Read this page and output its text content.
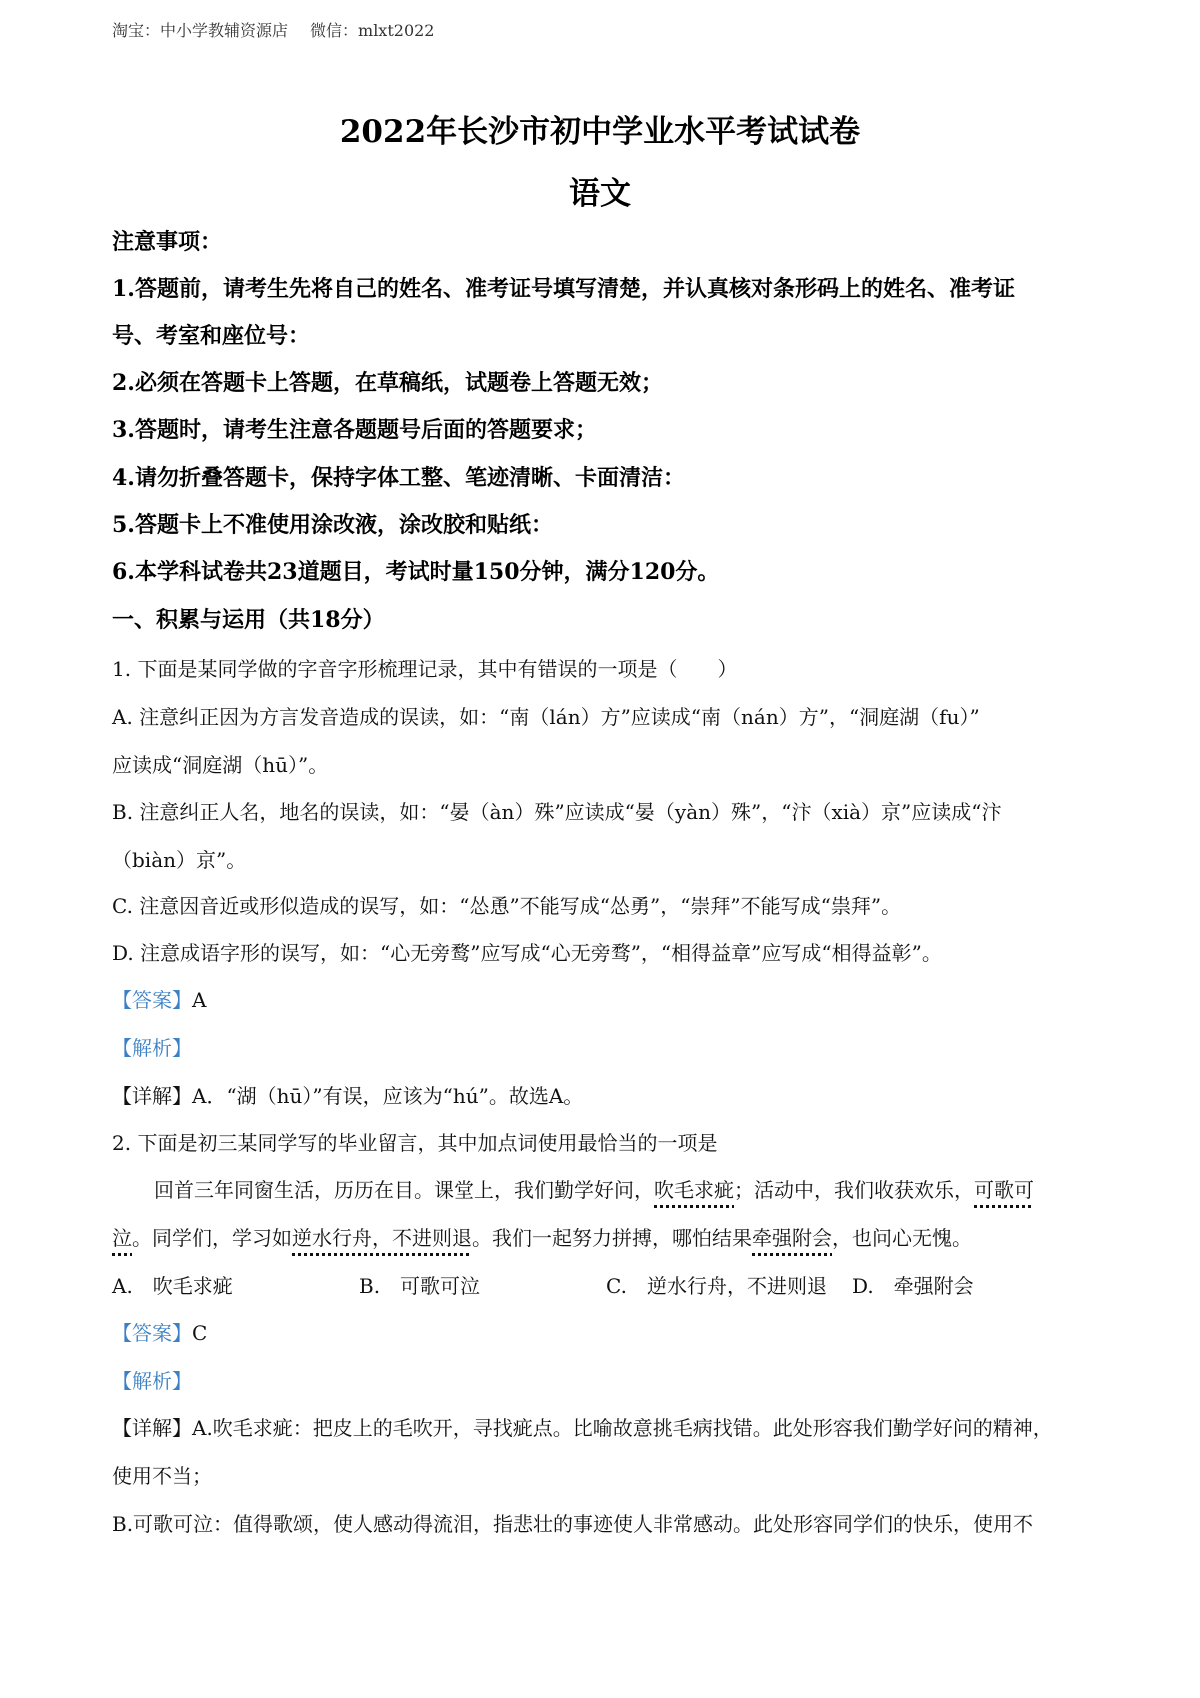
淘宝：中小学教辅资源店 微信：mlxt2022
2022年长沙市初中学业水平考试试卷
语文
注意事项：
1.答题前，请考生先将自己的姓名、准考证号填写清楚，并认真核对条形码上的姓名、准考证
号、考室和座位号：
2.必须在答题卡上答题，在草稿纸，试题卷上答题无效；
3.答题时，请考生注意各题题号后面的答题要求；
4.请勿折叠答题卡，保持字体工整、笔迹清晰、卡面清洁：
5.答题卡上不准使用涂改液，涂改胶和贴纸：
6.本学科试卷共23道题目，考试时量150分钟，满分120分。
一、积累与运用（共18分）
1. 下面是某同学做的字音字形梳理记录，其中有错误的一项是（　　）
A. 注意纠正因为方言发音造成的误读，如：“南（lán）方”应读成“南（nán）方”，“洞庭湖（fu）”
应读成“洞庭湖（hū）”。
B. 注意纠正人名，地名的误读，如：“晏（àn）殊”应读成“晏（yàn）殊”，“汴（xià）京”应读成“汴
（biàn）京”。
C. 注意因音近或形似造成的误写，如：“怂恿”不能写成“怂勇”，“崇拜”不能写成“祟拜”。
D. 注意成语字形的误写，如：“心无旁鹜”应写成“心无旁骛”，“相得益章”应写成“相得益彰”。
【答案】A
【解析】
【详解】A．“湖（hū）”有误，应该为“hú”。故选A。
2. 下面是初三某同学写的毕业留言，其中加点词使用最恰当的一项是
回首三年同窗生活，历历在目。课堂上，我们勤学好问，吹毛求疵；活动中，我们收获欢乐，可歌可
泣。同学们，学习如逆水行舟，不进则退。我们一起努力拼搏，哪怕结果牵强附会，也问心无愧。
A.　吹毛求疵	B.　可歌可泣	C.　逆水行舟，不进则退	D.　牵强附会
【答案】C
【解析】
【详解】A.吹毛求疵：把皮上的毛吹开，寻找疵点。比喻故意挑毛病找错。此处形容我们勤学好问的精神，
使用不当；
B.可歌可泣：值得歌颂，使人感动得流泪，指悲壮的事迹使人非常感动。此处形容同学们的快乐，使用不
